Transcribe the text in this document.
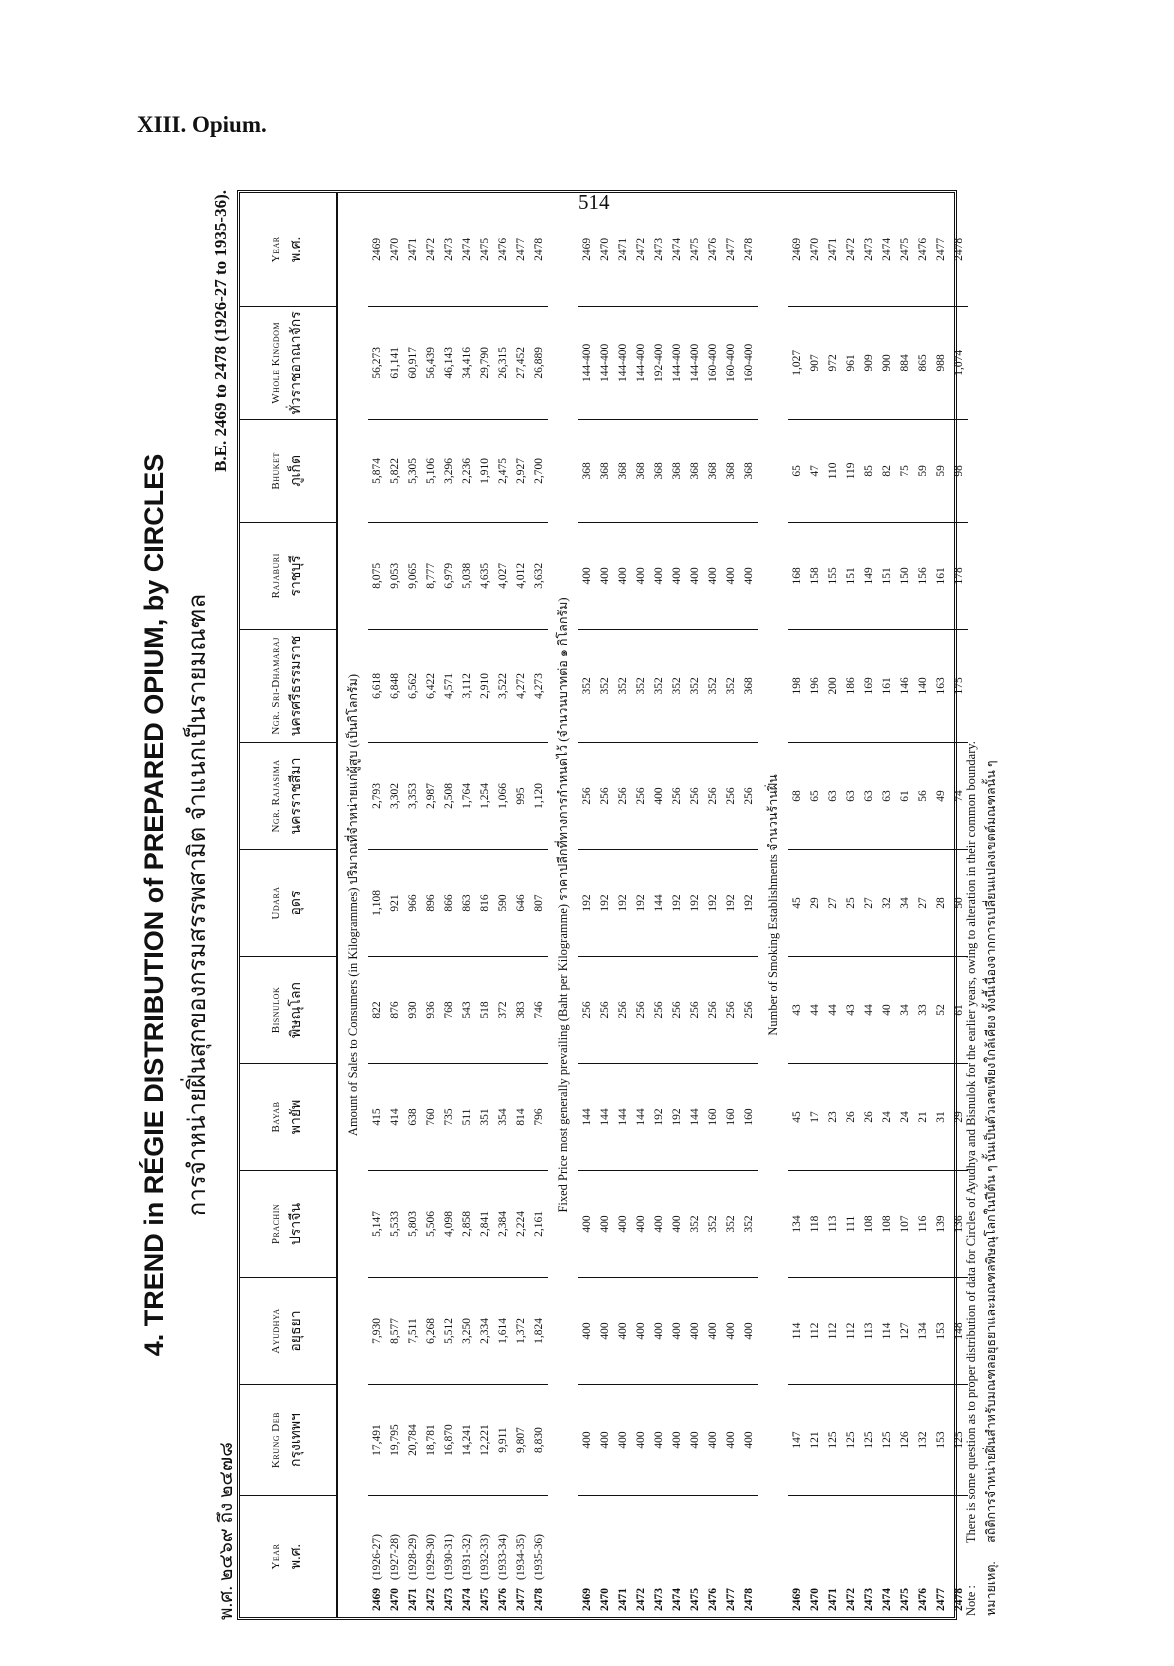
XIII. Opium.
514
4. TREND in RÉGIE DISTRIBUTION of PREPARED OPIUM, by CIRCLES การจำหน่ายฝิ่นสุกของกรมสรรพสามิต จำแนกเป็นรายมณฑล
พ.ศ. ๒๔๖๙ ถึง ๒๔๗๘
B.E. 2469 to 2478 (1926-27 to 1935-36).
Year พ.ศ.	Krung Deb กรุงเทพฯ	Ayudhya อยุธยา	Prachin ปราจีน	Bayab พายัพ	Bisnulok พิษณุโลก	Udara อุดร	Ngr. Rajasima นครราชสีมา	Ngr. Sri-Dhamaraj นครศรีธรรมราช	Rajaburi ราชบุรี	Bhuket ภูเก็ต	Whole Kingdom ทั่วราชอาณาจักร	Year พ.ศ.

Amount of Sales to Consumers (in Kilogrammes) ปริมาณที่จำหน่ายแก่ผู้สูบ (เป็นกิโลกรัม)												
2469(1926-27)	17,491	7,930	5,147	415	822	1,108	2,793	6,618	8,075	5,874	56,273	2469
2470(1927-28)	19,795	8,577	5,533	414	876	921	3,302	6,848	9,053	5,822	61,141	2470
2471(1928-29)	20,784	7,511	5,803	638	930	966	3,353	6,562	9,065	5,305	60,917	2471
2472(1929-30)	18,781	6,268	5,506	760	936	896	2,987	6,422	8,777	5,106	56,439	2472
2473(1930-31)	16,870	5,512	4,098	735	768	866	2,508	4,571	6,979	3,296	46,143	2473
2474(1931-32)	14,241	3,250	2,858	511	543	863	1,764	3,112	5,038	2,236	34,416	2474
2475(1932-33)	12,221	2,334	2,841	351	518	816	1,254	2,910	4,635	1,910	29,790	2475
2476(1933-34)	9,911	1,614	2,384	354	372	590	1,066	3,522	4,027	2,475	26,315	2476
2477(1934-35)	9,807	1,372	2,224	814	383	646	995	4,272	4,012	2,927	27,452	2477
2478(1935-36)	8,830	1,824	2,161	796	746	807	1,120	4,273	3,632	2,700	26,889	2478
Fixed Price most generally prevailing (Baht per Kilogramme) ราคาปลีกที่ทางการกำหนดไว้ (จำนวนบาทต่อ ๑ กิโลกรัม)												
2469	400	400	400	144	256	192	256	352	400	368	144-400	2469
2470	400	400	400	144	256	192	256	352	400	368	144-400	2470
2471	400	400	400	144	256	192	256	352	400	368	144-400	2471
2472	400	400	400	144	256	192	256	352	400	368	144-400	2472
2473	400	400	400	192	256	144	400	352	400	368	192-400	2473
2474	400	400	400	192	256	192	256	352	400	368	144-400	2474
2475	400	400	352	144	256	192	256	352	400	368	144-400	2475
2476	400	400	352	160	256	192	256	352	400	368	160-400	2476
2477	400	400	352	160	256	192	256	352	400	368	160-400	2477
2478	400	400	352	160	256	192	256	368	400	368	160-400	2478
Number of Smoking Establishments จำนวนร้านฝิ่น												
2469	147	114	134	45	43	45	68	198	168	65	1,027	2469
2470	121	112	118	17	44	29	65	196	158	47	907	2470
2471	125	112	113	23	44	27	63	200	155	110	972	2471
2472	125	112	111	26	43	25	63	186	151	119	961	2472
2473	125	113	108	26	44	27	63	169	149	85	909	2473
2474	125	114	108	24	40	32	63	161	151	82	900	2474
2475	126	127	107	24	34	34	61	146	150	75	884	2475
2476	132	134	116	21	33	27	56	140	156	59	865	2476
2477	153	153	139	31	52	28	49	163	161	59	988	2477
2478	125	148	136	29	61	50	74	175	178	98	1,074	2478
Note : There is some question as to proper distribution of data for Circles of Ayudhya and Bisnulok for the earlier years, owing to alteration in their common boundary.
หมายเหตุ. สถิติการจำหน่ายฝิ่นสำหรับมณฑลอยุธยาและมณฑลพิษณุโลกในปีต้น ๆ นั้นเป็นตัวเลขเพียงใกล้เคียง ทั้งนี้เนื่องจากการเปลี่ยนแปลงเขตต์มณฑลนั้น ๆ
